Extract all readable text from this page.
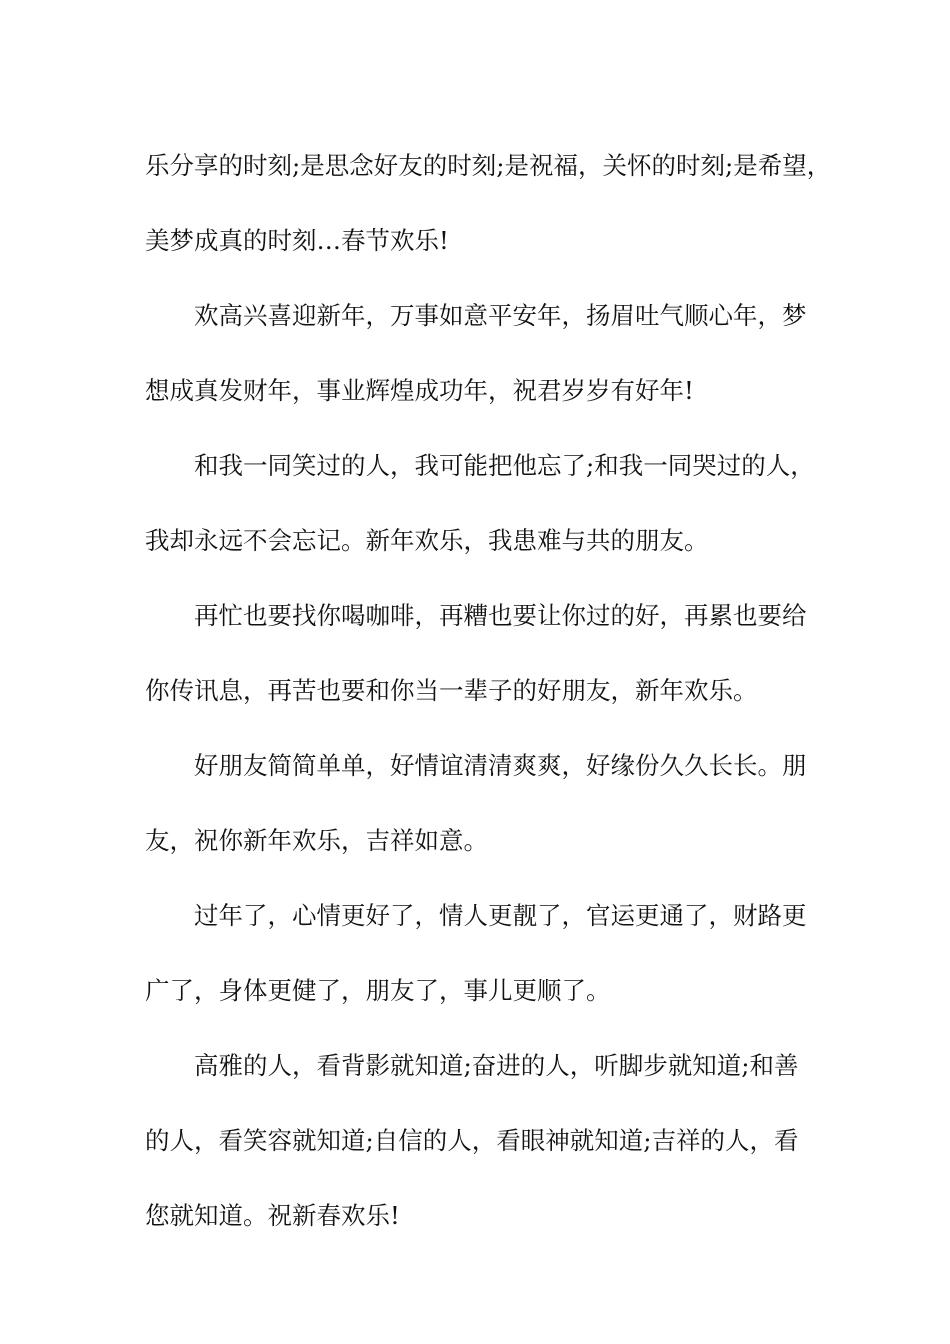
乐分享的时刻;是思念好友的时刻;是祝福，关怀的时刻;是希望，
美梦成真的时刻…春节欢乐!

欢高兴喜迎新年，万事如意平安年，扬眉吐气顺心年，梦
想成真发财年，事业辉煌成功年，祝君岁岁有好年!

和我一同笑过的人，我可能把他忘了;和我一同哭过的人，
我却永远不会忘记。新年欢乐，我患难与共的朋友。

再忙也要找你喝咖啡，再糟也要让你过的好，再累也要给
你传讯息，再苦也要和你当一辈子的好朋友，新年欢乐。

好朋友简简单单，好情谊清清爽爽，好缘份久久长长。朋
友，祝你新年欢乐，吉祥如意。

过年了，心情更好了，情人更靓了，官运更通了，财路更
广了，身体更健了，朋友了，事儿更顺了。

高雅的人，看背影就知道;奋进的人，听脚步就知道;和善
的人，看笑容就知道;自信的人，看眼神就知道;吉祥的人，看
您就知道。祝新春欢乐!
